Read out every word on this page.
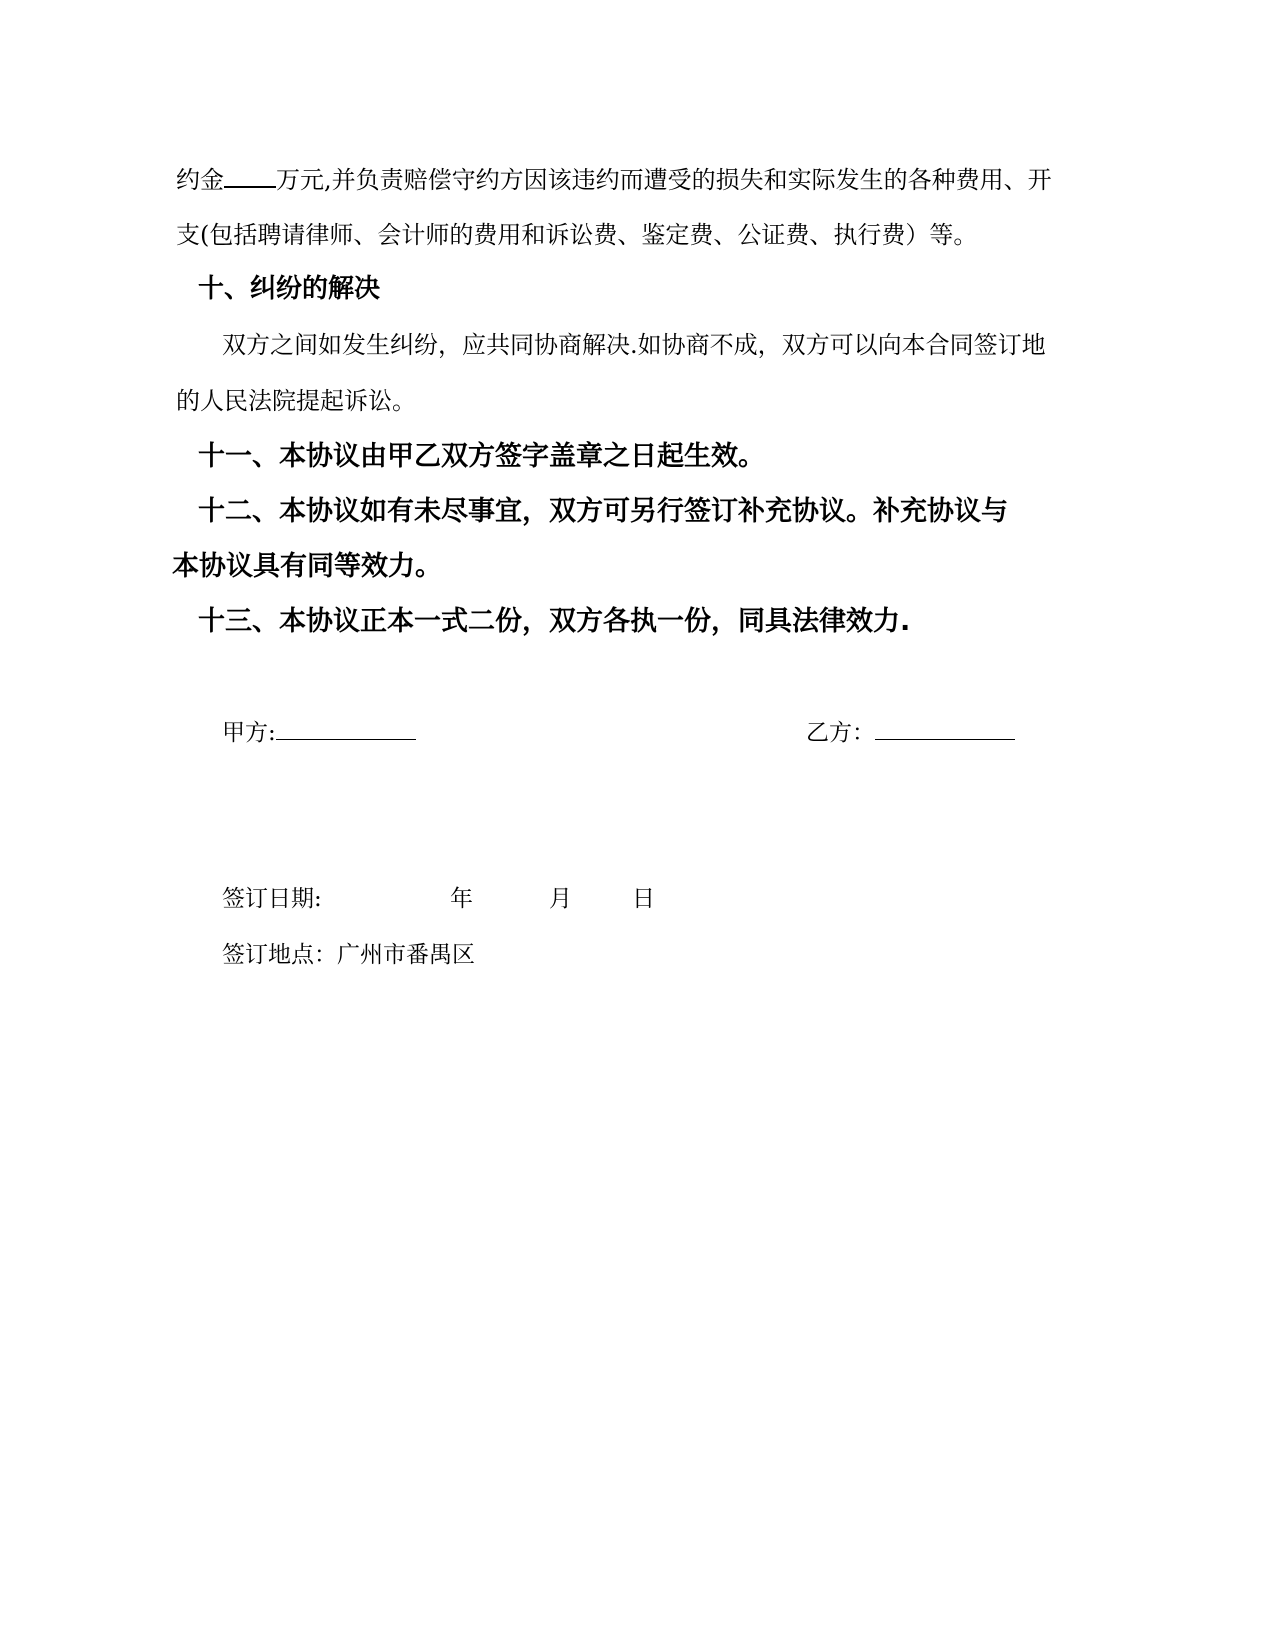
约金 万元,并负责赔偿守约方因该违约而遭受的损失和实际发生的各种费用、开
支(包括聘请律师、会计师的费用和诉讼费、鉴定费、公证费、执行费）等。
十、纠纷的解决
双方之间如发生纠纷，应共同协商解决.如协商不成，双方可以向本合同签订地
的人民法院提起诉讼。
十一、本协议由甲乙双方签字盖章之日起生效。
十二、本协议如有未尽事宜，双方可另行签订补充协议。补充协议与
本协议具有同等效力。
十三、本协议正本一式二份，双方各执一份，同具法律效力.
甲方:	乙方：
签订日期:	年	月	日
签订地点：广州市番禺区
